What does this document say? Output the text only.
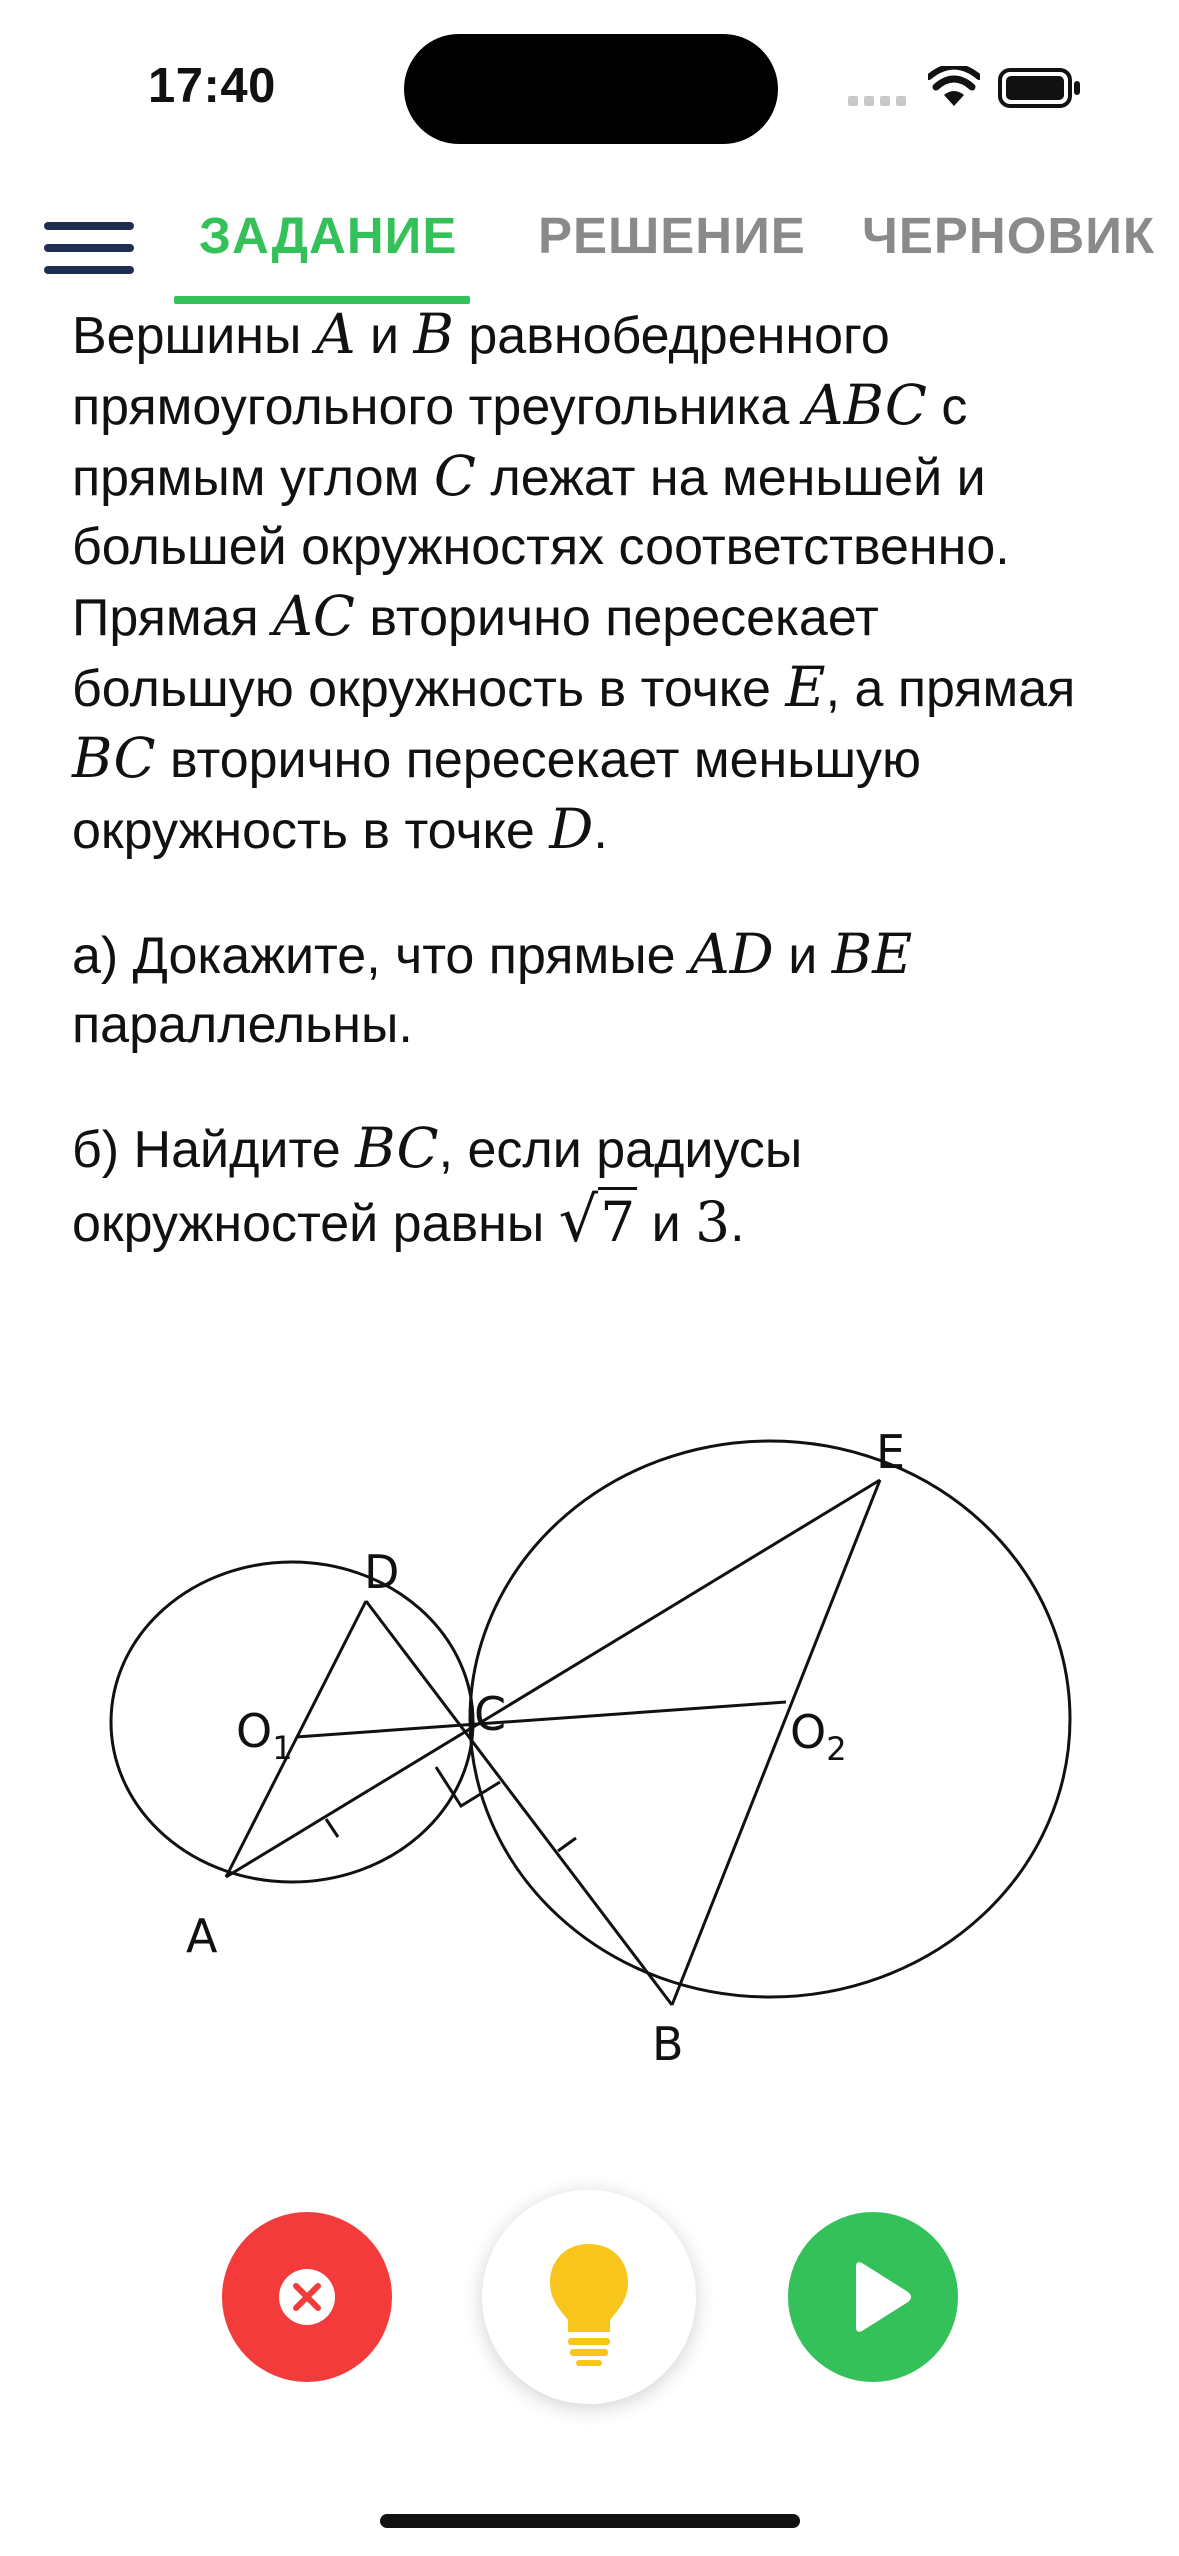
17:40
ЗАДАНИЕ РЕШЕНИЕ ЧЕРНОВИК

Вершины A и B равнобедренного прямоугольного треугольника ABC с прямым углом C лежат на меньшей и большей окружностях соответственно. Прямая AC вторично пересекает большую окружность в точке E, а прямая BC вторично пересекает меньшую окружность в точке D.

а) Докажите, что прямые AD и BE параллельны.

б) Найдите BC, если радиусы окружностей равны √7 и 3.

E
D
C
$O_1$	$O_2$
A
B
